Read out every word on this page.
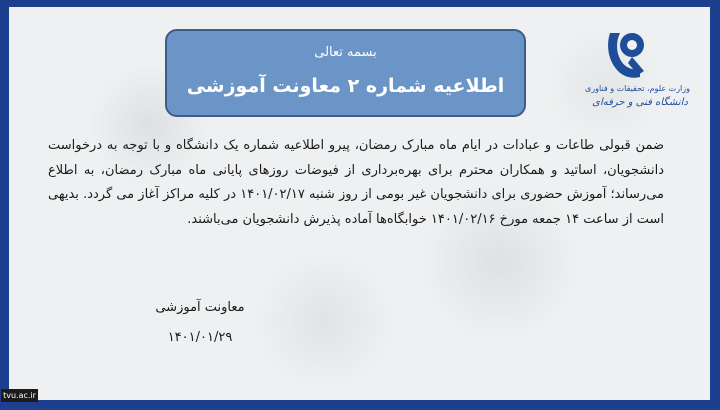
بسمه تعالی
اطلاعیه شماره ۲ معاونت آموزشی	وزارت علوم، تحقیقات و فناوری
دانشگاه فنی و حرفه‌ای

ضمن قبولی طاعات و عبادات در ایام ماه مبارک رمضان، پیرو اطلاعیه شماره یک دانشگاه و با توجه به درخواست دانشجویان، اساتید و همکاران محترم برای بهره‌برداری از فیوضات روزهای پایانی ماه مبارک رمضان، به اطلاع می‌رساند؛ آموزش حضوری برای دانشجویان غیر بومی از روز شنبه ۱۴۰۱/۰۲/۱۷ در کلیه مراکز آغاز می گردد. بدیهی است از ساعت ۱۴ جمعه مورخ ۱۴۰۱/۰۲/۱۶ خوابگاه‌ها آماده پذیرش دانشجویان می‌باشند.

معاونت آموزشی
۱۴۰۱/۰۱/۲۹
tvu.ac.ir
